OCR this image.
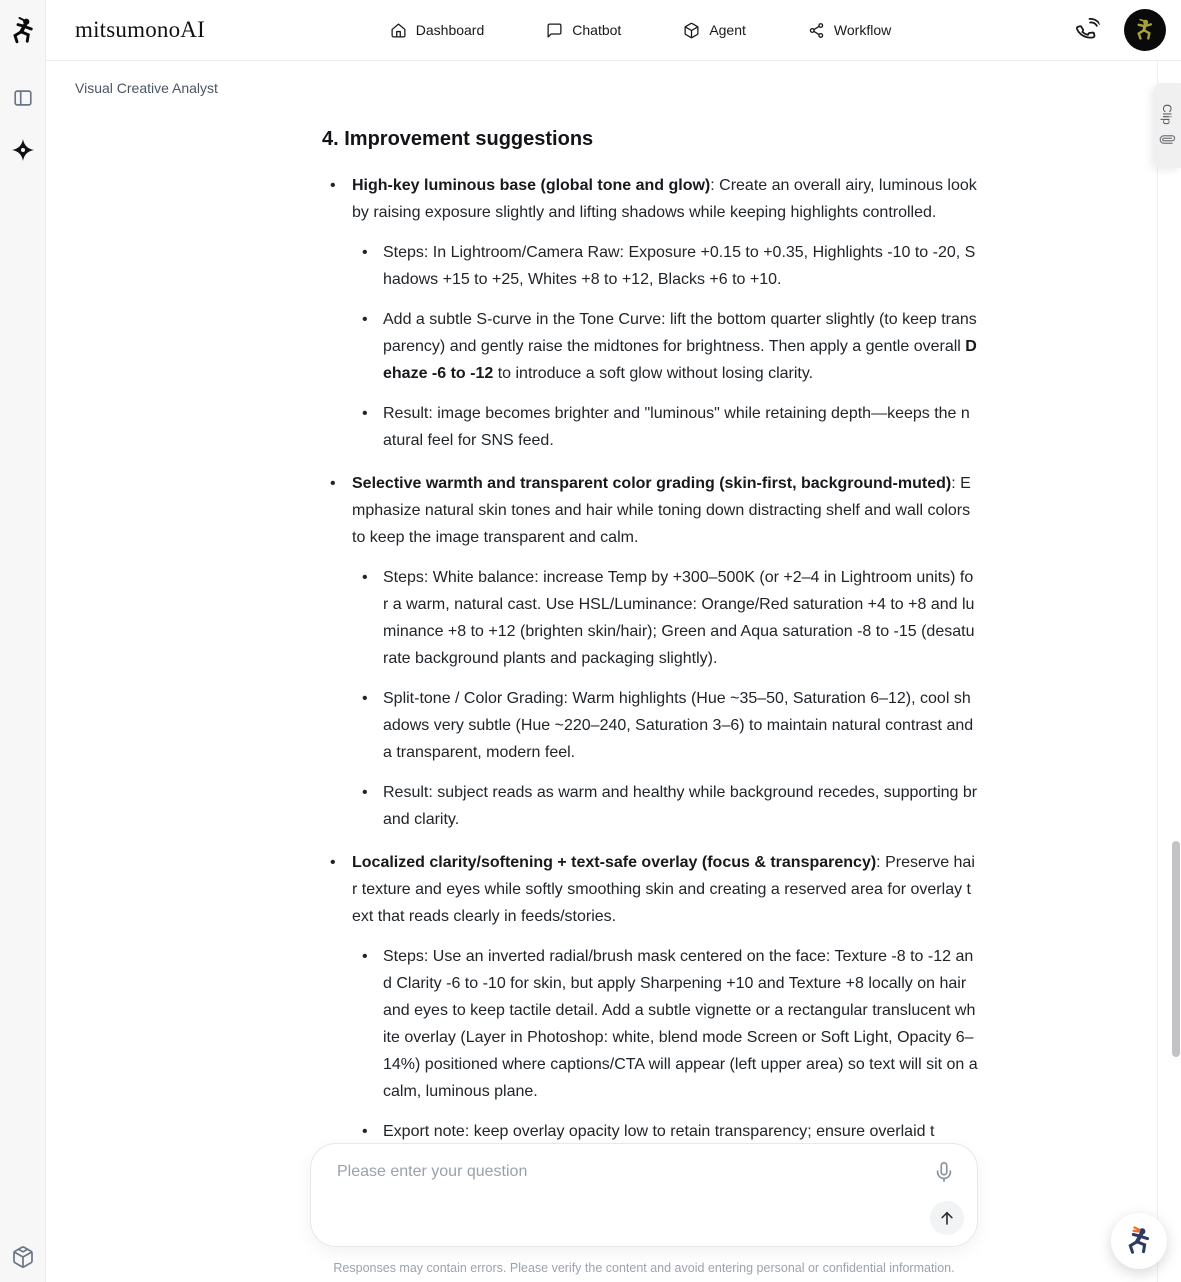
mitsumonoAI	Dashboard	Chatbot	Agent	Workflow
Visual Creative Analyst
4. Improvement suggestions
• High-key luminous base (global tone and glow): Create an overall airy, luminous look by raising exposure slightly and lifting shadows while keeping highlights controlled.
• Steps: In Lightroom/Camera Raw: Exposure +0.15 to +0.35, Highlights -10 to -20, Shadows +15 to +25, Whites +8 to +12, Blacks +6 to +10.
• Add a subtle S-curve in the Tone Curve: lift the bottom quarter slightly (to keep transparency) and gently raise the midtones for brightness. Then apply a gentle overall Dehaze -6 to -12 to introduce a soft glow without losing clarity.
• Result: image becomes brighter and "luminous" while retaining depth—keeps the natural feel for SNS feed.
• Selective warmth and transparent color grading (skin-first, background-muted): Emphasize natural skin tones and hair while toning down distracting shelf and wall colors to keep the image transparent and calm.
• Steps: White balance: increase Temp by +300–500K (or +2–4 in Lightroom units) for a warm, natural cast. Use HSL/Luminance: Orange/Red saturation +4 to +8 and luminance +8 to +12 (brighten skin/hair); Green and Aqua saturation -8 to -15 (desaturate background plants and packaging slightly).
• Split-tone / Color Grading: Warm highlights (Hue ~35–50, Saturation 6–12), cool shadows very subtle (Hue ~220–240, Saturation 3–6) to maintain natural contrast and a transparent, modern feel.
• Result: subject reads as warm and healthy while background recedes, supporting brand clarity.
• Localized clarity/softening + text-safe overlay (focus & transparency): Preserve hair texture and eyes while softly smoothing skin and creating a reserved area for overlay text that reads clearly in feeds/stories.
• Steps: Use an inverted radial/brush mask centered on the face: Texture -8 to -12 and Clarity -6 to -10 for skin, but apply Sharpening +10 and Texture +8 locally on hair and eyes to keep tactile detail. Add a subtle vignette or a rectangular translucent white overlay (Layer in Photoshop: white, blend mode Screen or Soft Light, Opacity 6–14%) positioned where captions/CTA will appear (left upper area) so text will sit on a calm, luminous plane.
• Export note: keep overlay opacity low to retain transparency; ensure overlaid t
Clip
Please enter your question
Responses may contain errors. Please verify the content and avoid entering personal or confidential information.
